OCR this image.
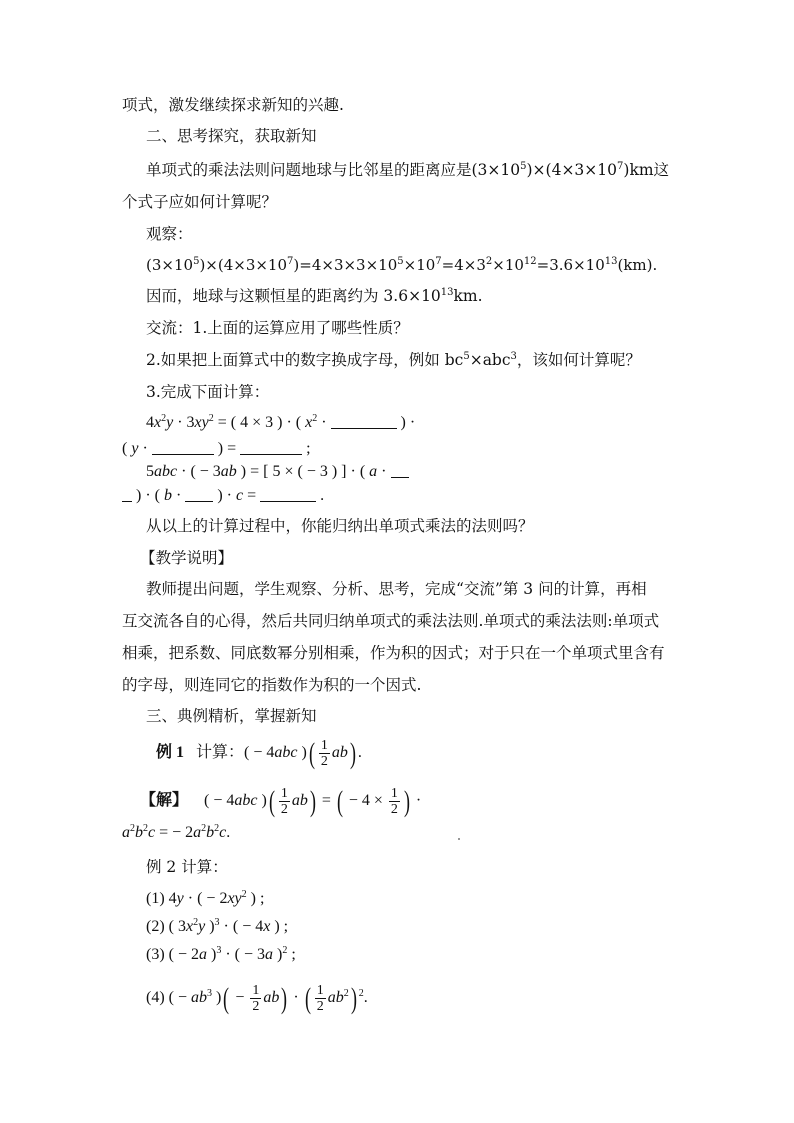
项式，激发继续探求新知的兴趣.
二、思考探究，获取新知
单项式的乘法法则问题地球与比邻星的距离应是$(3\times 10^5)\times(4\times 3\times 10^7)km$这
个式子应如何计算呢？
观察：
$(3\times 10^5)\times(4\times 3\times 10^7)=4\times 3\times 3\times 10^5\times 10^7=4\times 3^2\times 10^{12}=3.6\times 10^{13}(km)$.
因而，地球与这颗恒星的距离约为 $3.6\times 10^{13}km$.
交流：1.上面的运算应用了哪些性质？
2.如果把上面算式中的数字换成字母，例如 $bc^5\times abc^3$，该如何计算呢？
3.完成下面计算：
$4x^2y \cdot 3xy^2$ = ( 4 × 3 ) · ( $x^2$ ·	) ·
( y ·	) =	;
5abc · ( − 3ab ) = [ 5 × ( − 3 ) ] · ( a ·
) · ( b ·  ) · c =	.
从以上的计算过程中，你能归纳出单项式乘法的法则吗？
【教学说明】
教师提出问题，学生观察、分析、思考，完成“交流”第 3 问的计算，再相
互交流各自的心得，然后共同归纳单项式的乘法法则.单项式的乘法法则:单项式
相乘，把系数、同底数幂分别相乘，作为积的因式；对于只在一个单项式里含有
的字母，则连同它的指数作为积的一个因式.
三、典例精析，掌握新知
例 1 计算：( − 4abc )( $\frac{1}{2} ab$) .
【解】    ( − 4abc )( $\frac{1}{2} ab$) = ( − $4 \times \frac{1}{2}$ ) ·
$a^2b^2c$ = − $2a^2b^2c$.
例 2 计算：
(1) 4y · ( − $2xy^2$ ) ;
(2) ( $3x^2y$ )$^3$ · ( − 4x ) ;
(3) ( − 2a )$^3$ · ( − 3a )$^2$ ;
(4) ( − $ab^3$ )( − $\frac{1}{2} ab$) · ( $\frac{1}{2} ab^2$) $^2$.
